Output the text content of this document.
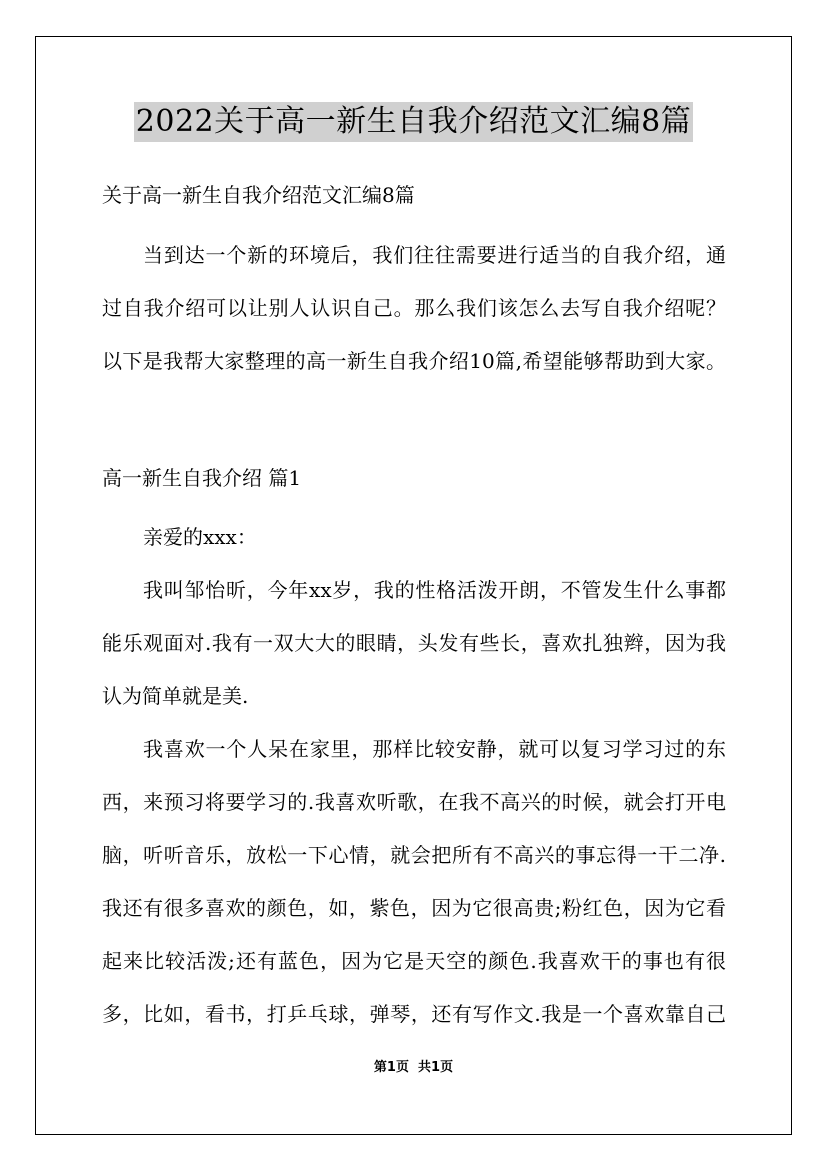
2022关于高一新生自我介绍范文汇编8篇

关于高一新生自我介绍范文汇编8篇

当到达一个新的环境后，我们往往需要进行适当的自我介绍，通

过自我介绍可以让别人认识自己。那么我们该怎么去写自我介绍呢？

以下是我帮大家整理的高一新生自我介绍10篇,希望能够帮助到大家。

高一新生自我介绍 篇1

亲爱的xxx：

我叫邹怡昕，今年xx岁，我的性格活泼开朗，不管发生什么事都

能乐观面对.我有一双大大的眼睛，头发有些长，喜欢扎独辫，因为我

认为简单就是美.

我喜欢一个人呆在家里，那样比较安静，就可以复习学习过的东

西，来预习将要学习的.我喜欢听歌，在我不高兴的时候，就会打开电

脑，听听音乐，放松一下心情，就会把所有不高兴的事忘得一干二净.

我还有很多喜欢的颜色，如，紫色，因为它很高贵;粉红色，因为它看

起来比较活泼;还有蓝色，因为它是天空的颜色.我喜欢干的事也有很

多，比如，看书，打乒乓球，弹琴，还有写作文.我是一个喜欢靠自己

第1页  共1页
